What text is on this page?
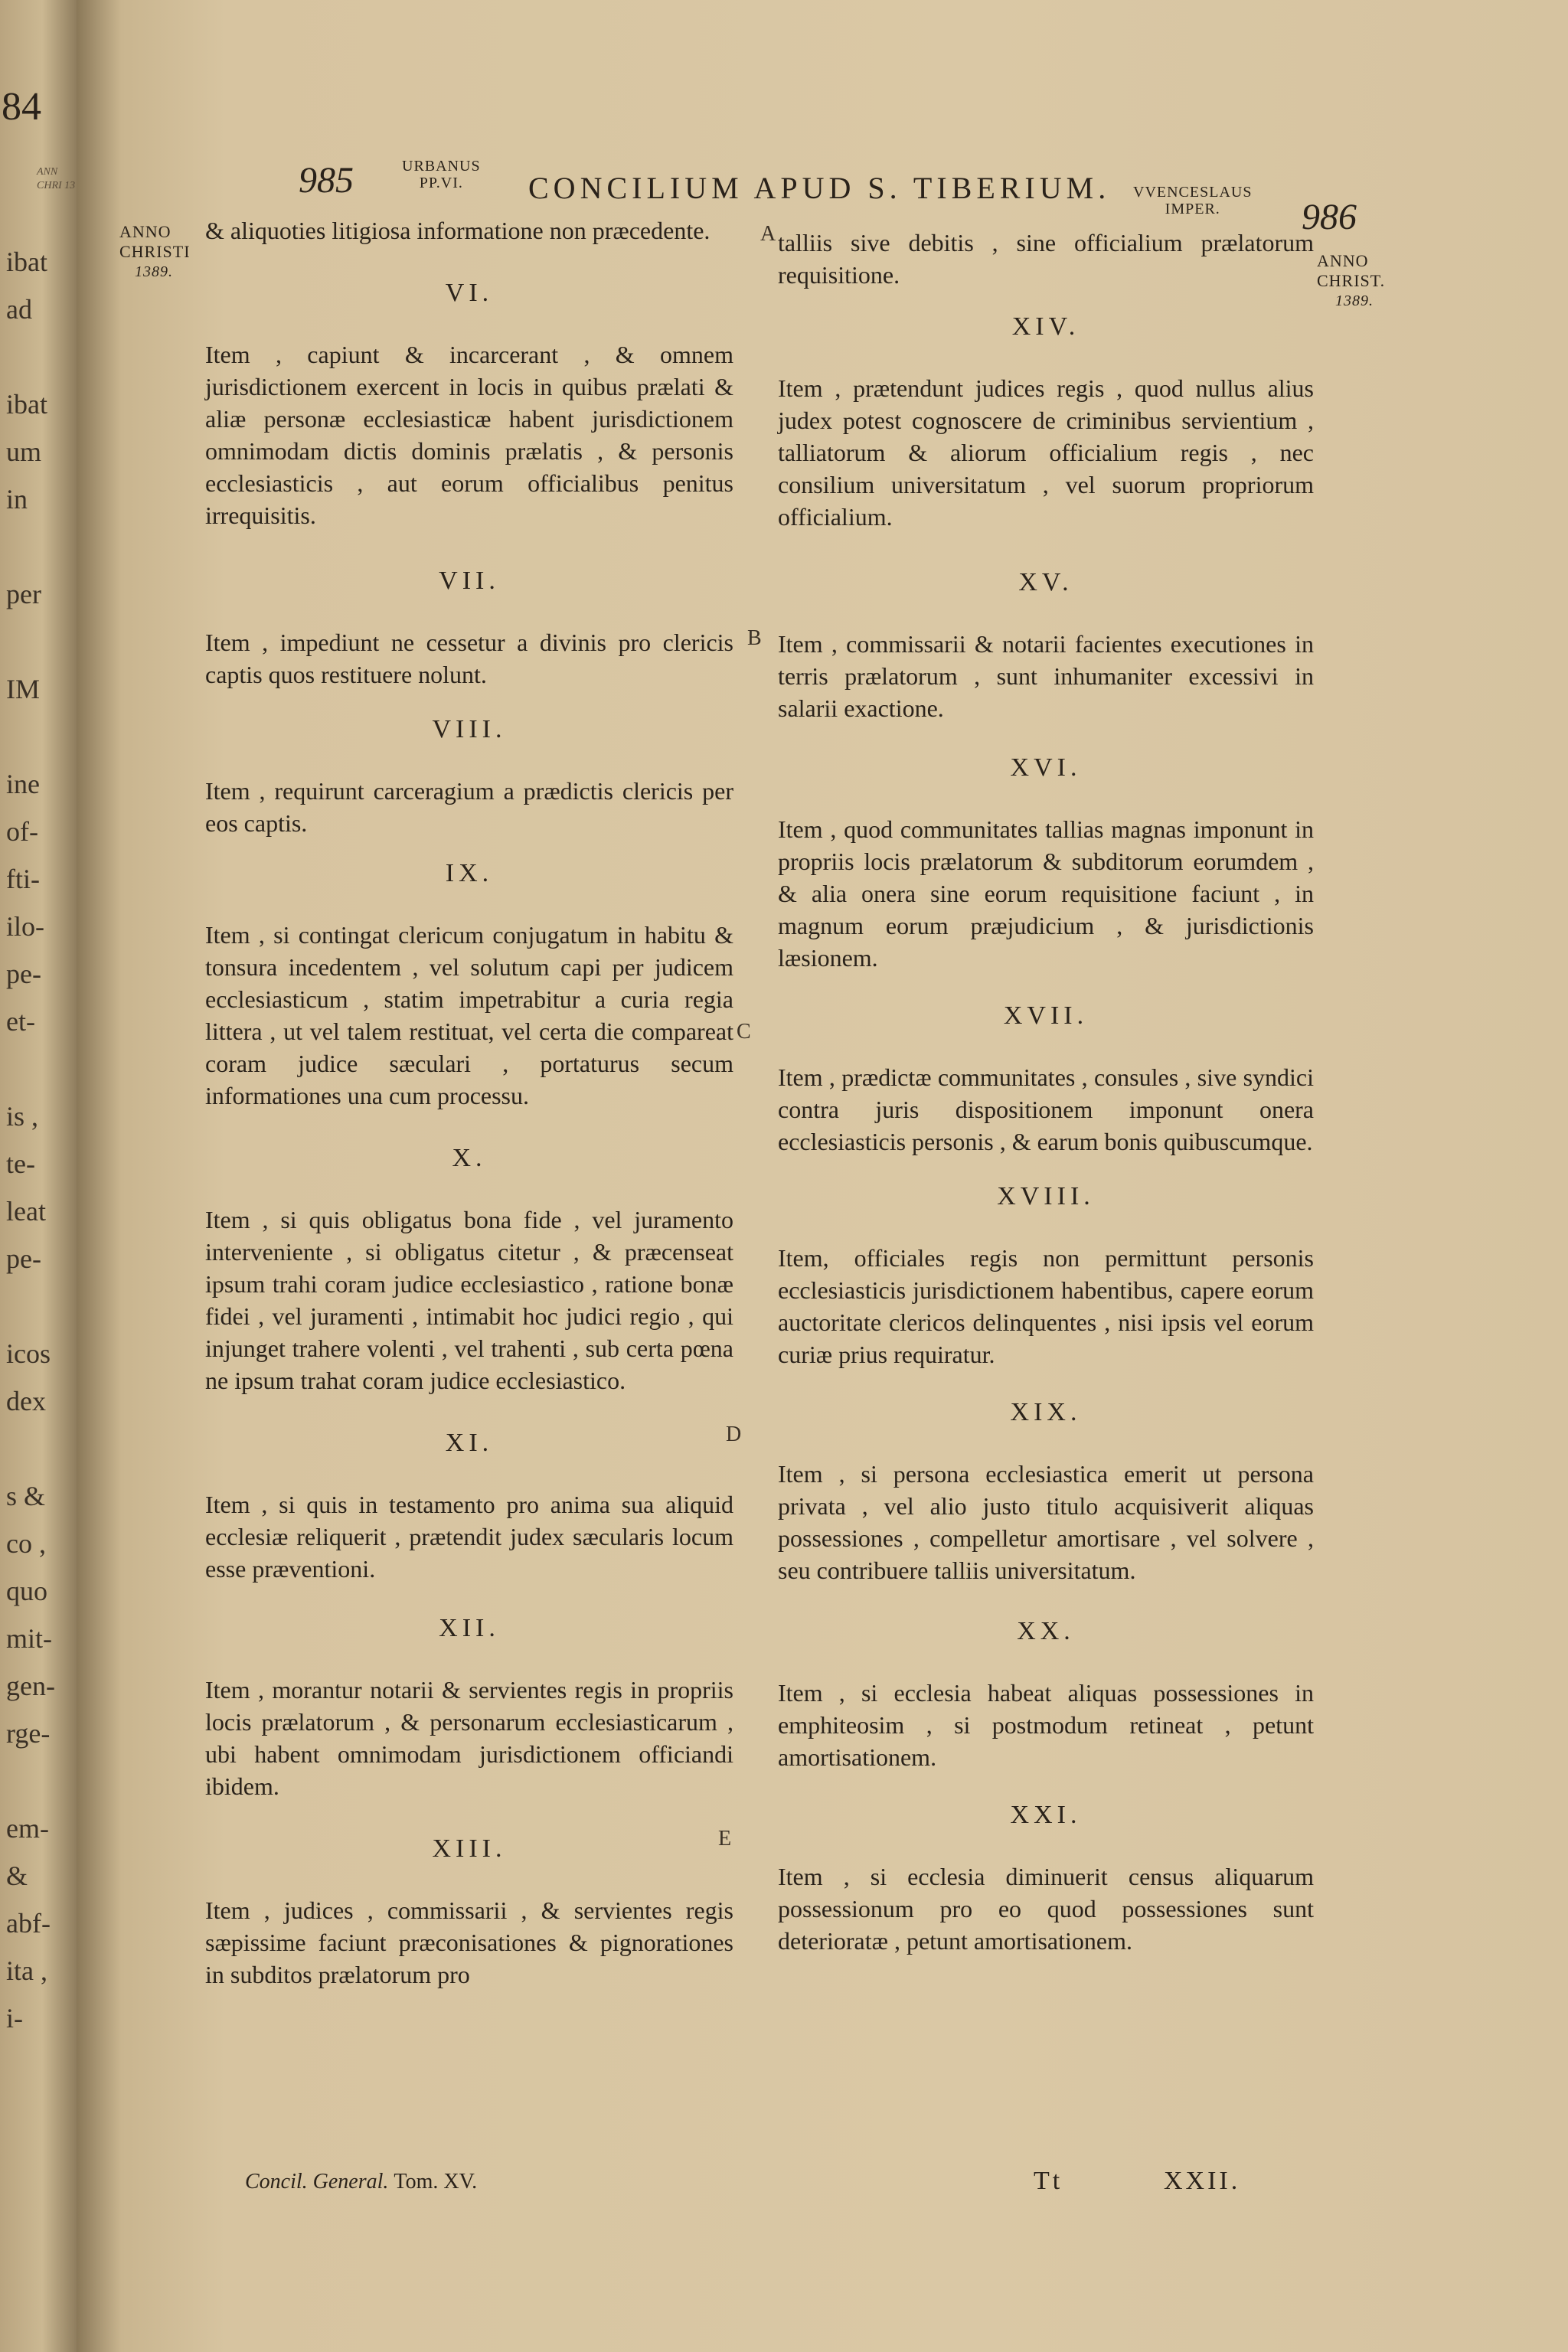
84
ANN CHRI 13
ibat
ad
ibat
um
in
per
IM
ine
of-
fti-
ilo-
pe-
et-
is ,
te-
leat
pe-
icos
dex
s &
co ,
quo
mit-
gen-
rge-
em-
&
abf-
ita ,
i-
985	URBANUS
PP.VI.	CONCILIUM APUD S. TIBERIUM. VVENCESLAUS
IMPER.	986
ANNO
CHRISTI
1389.
ANNO
CHRIST.
1389.
A
B
C
D
E
& aliquoties litigiosa informatione non præcedente.
VI.
Item , capiunt & incarcerant , & omnem jurisdictionem exercent in locis in quibus prælati & aliæ personæ ecclesiasticæ habent jurisdictionem omnimodam dictis dominis prælatis , & personis ecclesiasticis , aut eorum officialibus penitus irrequisitis.
VII.
Item , impediunt ne cessetur a divinis pro clericis captis quos restituere nolunt.
VIII.
Item , requirunt carceragium a prædictis clericis per eos captis.
IX.
Item , si contingat clericum conjugatum in habitu & tonsura incedentem , vel solutum capi per judicem ecclesiasticum , statim impetrabitur a curia regia littera , ut vel talem restituat, vel certa die compareat coram judice sæculari , portaturus secum informationes una cum processu.
X.
Item , si quis obligatus bona fide , vel juramento interveniente , si obligatus citetur , & præcenseat ipsum trahi coram judice ecclesiastico , ratione bonæ fidei , vel juramenti , intimabit hoc judici regio , qui injunget trahere volenti , vel trahenti , sub certa pœna ne ipsum trahat coram judice ecclesiastico.
XI.
Item , si quis in testamento pro anima sua aliquid ecclesiæ reliquerit , prætendit judex sæcularis locum esse præventioni.
XII.
Item , morantur notarii & servientes regis in propriis locis prælatorum , & personarum ecclesiasticarum , ubi habent omnimodam jurisdictionem officiandi ibidem.
XIII.
Item , judices , commissarii , & servientes regis sæpissime faciunt præconisationes & pignorationes in subditos prælatorum pro
talliis sive debitis , sine officialium prælatorum requisitione.
XIV.
Item , prætendunt judices regis , quod nullus alius judex potest cognoscere de criminibus servientium , talliatorum & aliorum officialium regis , nec consilium universitatum , vel suorum propriorum officialium.
XV.
Item , commissarii & notarii facientes executiones in terris prælatorum , sunt inhumaniter excessivi in salarii exactione.
XVI.
Item , quod communitates tallias magnas imponunt in propriis locis prælatorum & subditorum eorumdem , & alia onera sine eorum requisitione faciunt , in magnum eorum præjudicium , & jurisdictionis læsionem.
XVII.
Item , prædictæ communitates , consules , sive syndici contra juris dispositionem imponunt onera ecclesiasticis personis , & earum bonis quibuscumque.
XVIII.
Item, officiales regis non permittunt personis ecclesiasticis jurisdictionem habentibus, capere eorum auctoritate clericos delinquentes , nisi ipsis vel eorum curiæ prius requiratur.
XIX.
Item , si persona ecclesiastica emerit ut persona privata , vel alio justo titulo acquisiverit aliquas possessiones , compelletur amortisare , vel solvere , seu contribuere talliis universitatum.
XX.
Item , si ecclesia habeat aliquas possessiones in emphiteosim , si postmodum retineat , petunt amortisationem.
XXI.
Item , si ecclesia diminuerit census aliquarum possessionum pro eo quod possessiones sunt deterioratæ , petunt amortisationem.
Concil. General. Tom. XV.	Tt	XXII.
